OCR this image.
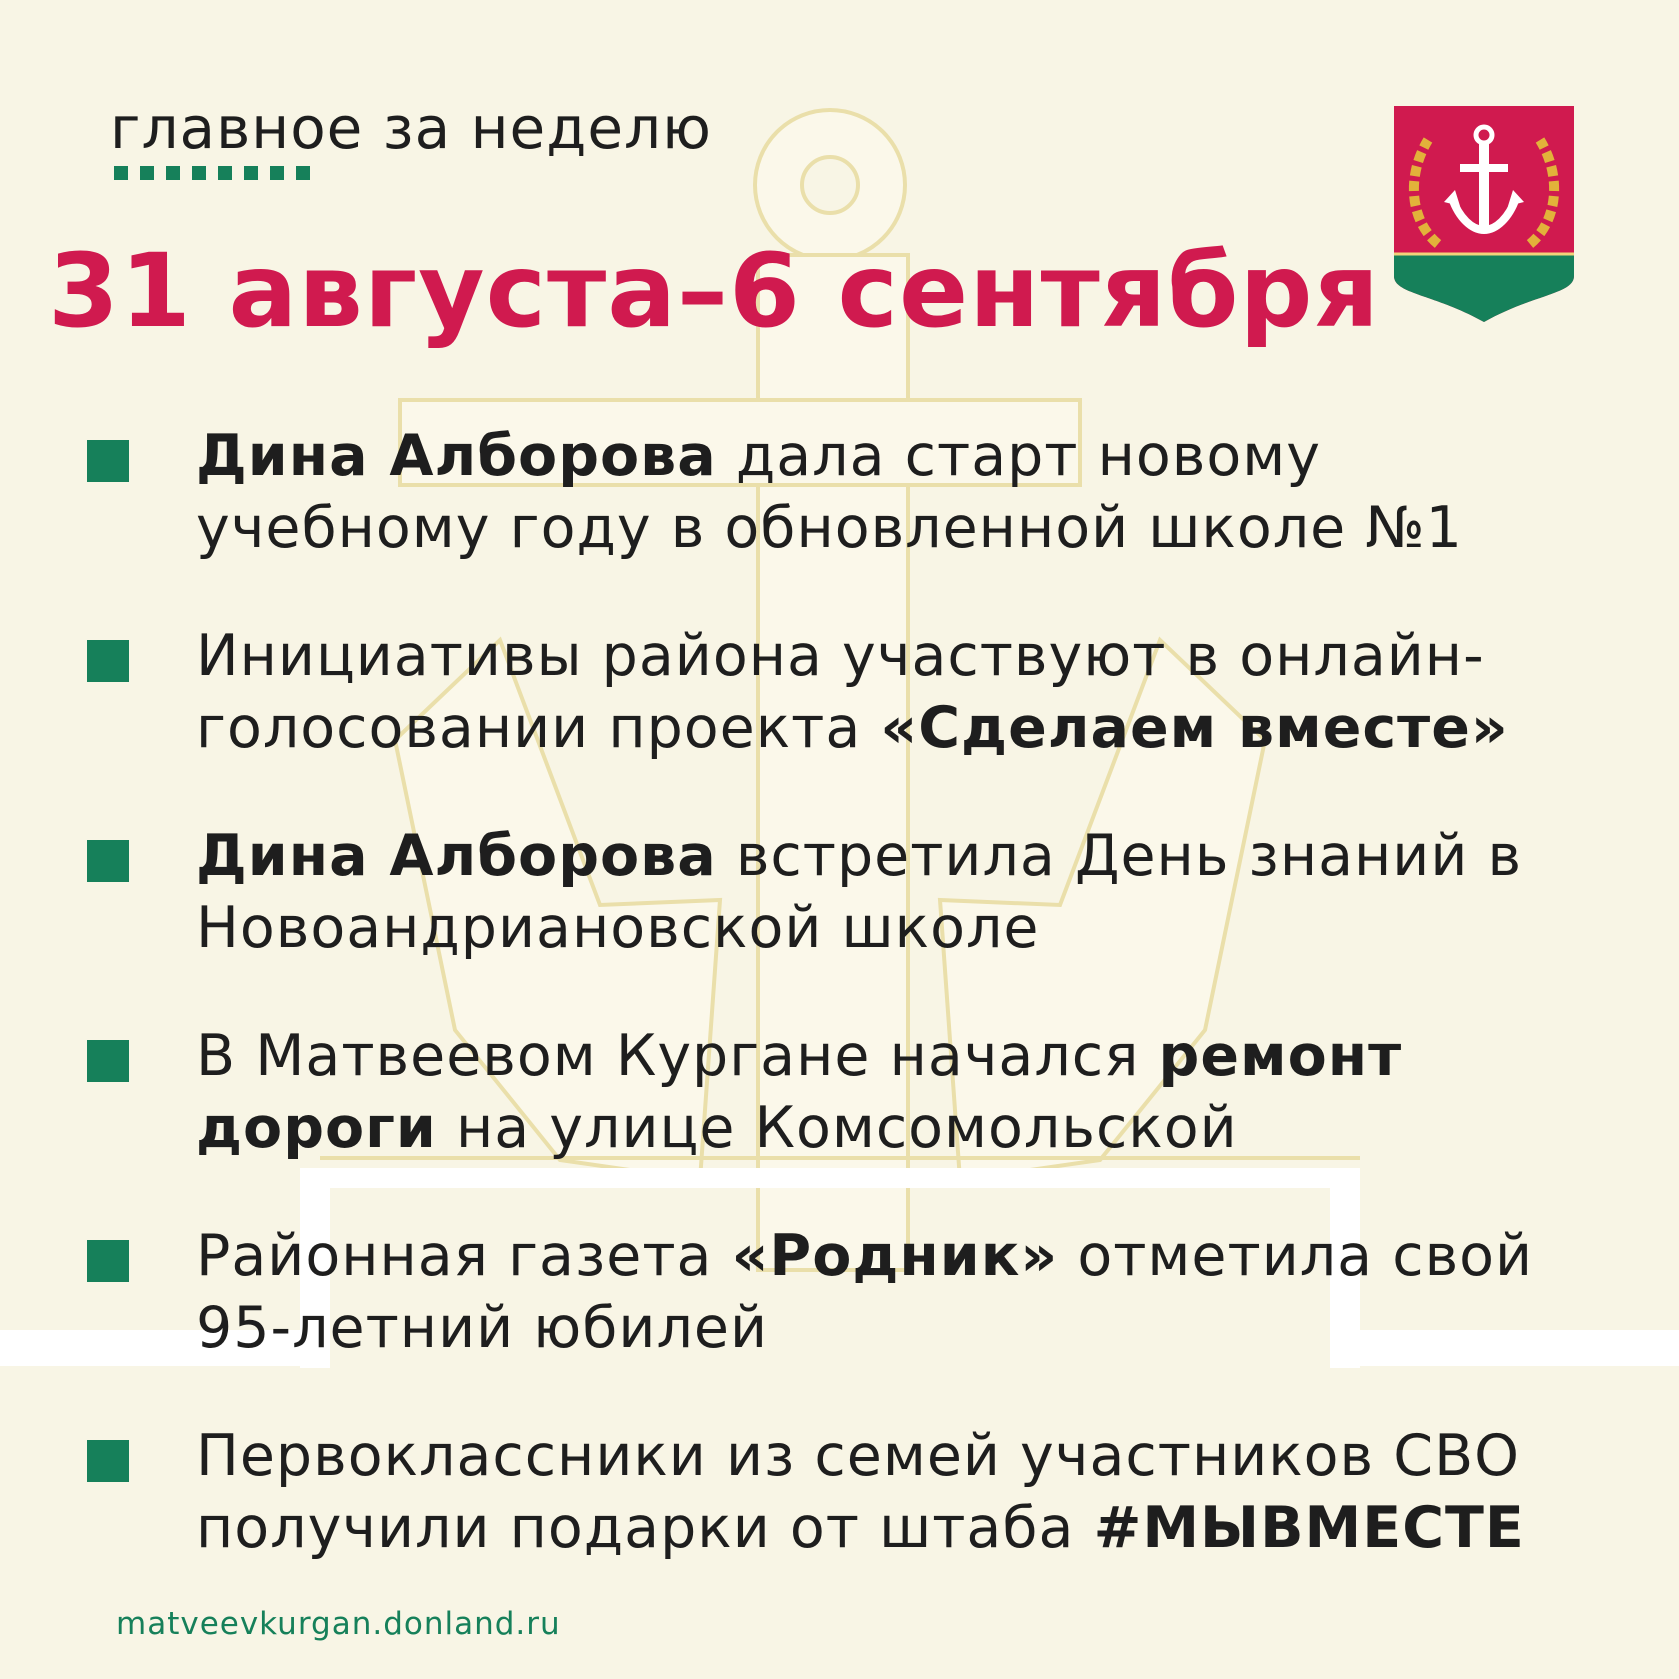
главное за неделю
31 августа–6 сентября
Дина Алборова дала старт новому учебному году в обновленной школе №1
Инициативы района участвуют в онлайн-голосовании проекта «Сделаем вместе»
Дина Алборова встретила День знаний в Новоандриановской школе
В Матвеевом Кургане начался ремонт дороги на улице Комсомольской
Районная газета «Родник» отметила свой 95-летний юбилей
Первоклассники из семей участников СВО получили подарки от штаба #МЫВМЕСТЕ
matveevkurgan.donland.ru
